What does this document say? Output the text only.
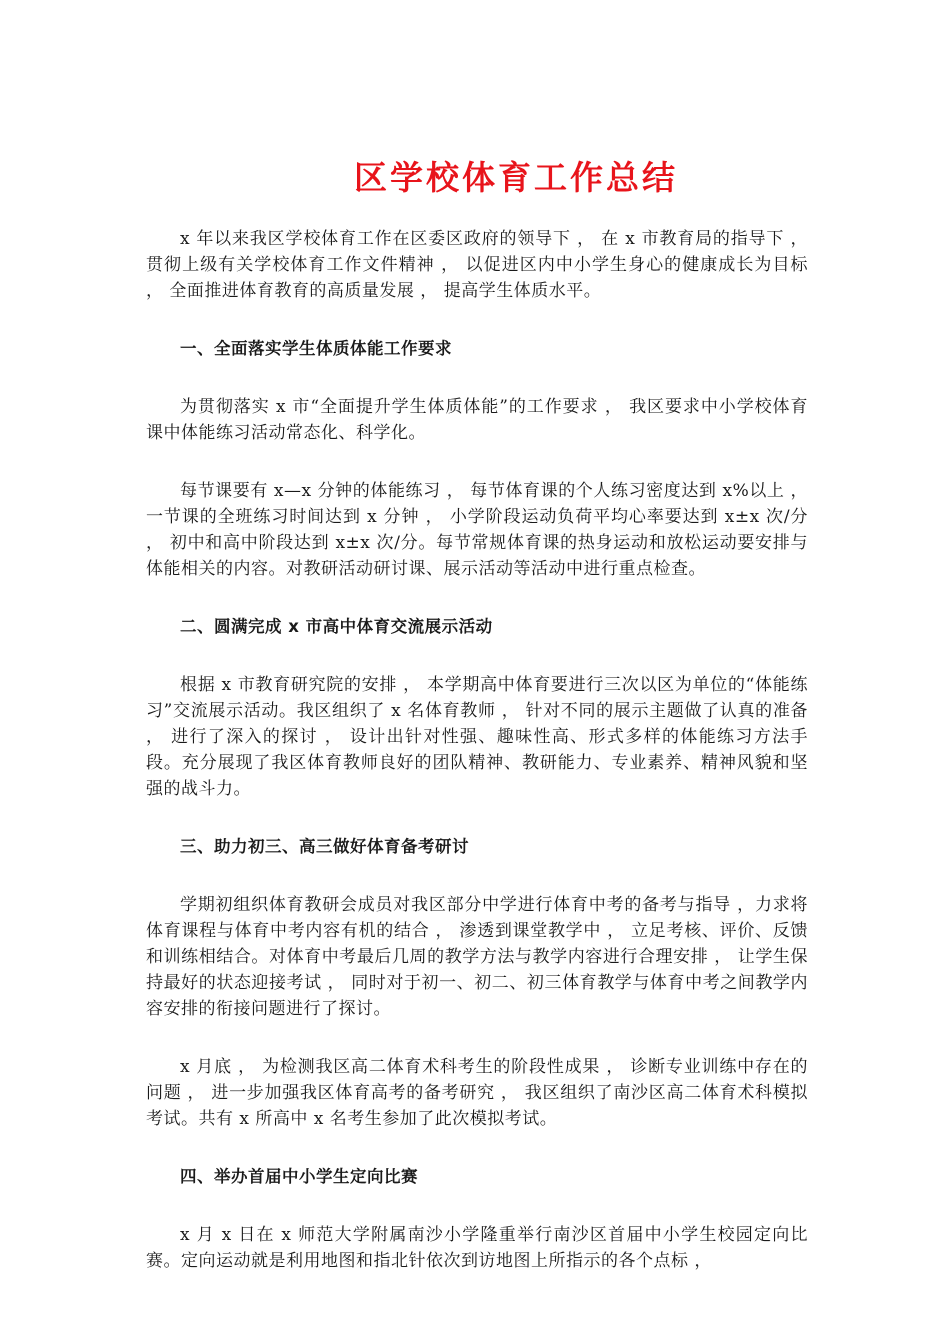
区学校体育工作总结

x 年以来我区学校体育工作在区委区政府的领导下 ， 在 x 市教育局的指导下 ， 贯彻上级有关学校体育工作文件精神 ， 以促进区内中小学生身心的健康成长为目标 ， 全面推进体育教育的高质量发展 ， 提高学生体质水平。

一、全面落实学生体质体能工作要求

为贯彻落实 x 市“全面提升学生体质体能”的工作要求 ， 我区要求中小学校体育课中体能练习活动常态化、科学化。

每节课要有 x—x 分钟的体能练习 ， 每节体育课的个人练习密度达到 x%以上 ， 一节课的全班练习时间达到 x 分钟 ， 小学阶段运动负荷平均心率要达到 x±x 次/分 ， 初中和高中阶段达到 x±x 次/分。每节常规体育课的热身运动和放松运动要安排与体能相关的内容。对教研活动研讨课、展示活动等活动中进行重点检查。

二、圆满完成 x 市高中体育交流展示活动

根据 x 市教育研究院的安排 ， 本学期高中体育要进行三次以区为单位的“体能练习”交流展示活动。我区组织了 x 名体育教师 ， 针对不同的展示主题做了认真的准备 ， 进行了深入的探讨 ， 设计出针对性强、趣味性高、形式多样的体能练习方法手段。充分展现了我区体育教师良好的团队精神、教研能力、专业素养、精神风貌和坚强的战斗力。

三、助力初三、高三做好体育备考研讨

学期初组织体育教研会成员对我区部分中学进行体育中考的备考与指导 ，力求将体育课程与体育中考内容有机的结合 ， 渗透到课堂教学中 ， 立足考核、评价、反馈和训练相结合。对体育中考最后几周的教学方法与教学内容进行合理安排 ， 让学生保持最好的状态迎接考试 ， 同时对于初一、初二、初三体育教学与体育中考之间教学内容安排的衔接问题进行了探讨。

x 月底 ， 为检测我区高二体育术科考生的阶段性成果 ， 诊断专业训练中存在的问题 ， 进一步加强我区体育高考的备考研究 ， 我区组织了南沙区高二体育术科模拟考试。共有 x 所高中 x 名考生参加了此次模拟考试。

四、举办首届中小学生定向比赛

x 月 x 日在 x 师范大学附属南沙小学隆重举行南沙区首届中小学生校园定向比赛。定向运动就是利用地图和指北针依次到访地图上所指示的各个点标 ，
